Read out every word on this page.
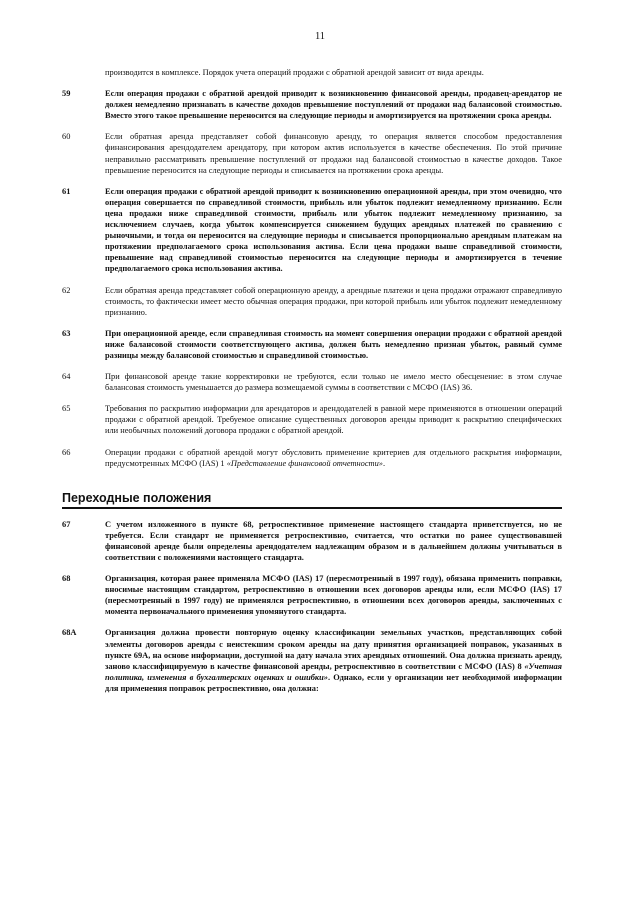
11
производится в комплексе. Порядок учета операций продажи с обратной арендой зависит от вида аренды.
59	Если операция продажи с обратной арендой приводит к возникновению финансовой аренды, продавец-арендатор не должен немедленно признавать в качестве доходов превышение поступлений от продажи над балансовой стоимостью. Вместо этого такое превышение переносится на следующие периоды и амортизируется на протяжении срока аренды.
60	Если обратная аренда представляет собой финансовую аренду, то операция является способом предоставления финансирования арендодателем арендатору, при котором актив используется в качестве обеспечения. По этой причине неправильно рассматривать превышение поступлений от продажи над балансовой стоимостью в качестве доходов. Такое превышение переносится на следующие периоды и списывается на протяжении срока аренды.
61	Если операция продажи с обратной арендой приводит к возникновению операционной аренды, при этом очевидно, что операция совершается по справедливой стоимости, прибыль или убыток подлежит немедленному признанию. Если цена продажи ниже справедливой стоимости, прибыль или убыток подлежит немедленному признанию, за исключением случаев, когда убыток компенсируется снижением будущих арендных платежей по сравнению с рыночными, и тогда он переносится на следующие периоды и списывается пропорционально арендным платежам на протяжении предполагаемого срока использования актива. Если цена продажи выше справедливой стоимости, превышение над справедливой стоимостью переносится на следующие периоды и амортизируется в течение предполагаемого срока использования актива.
62	Если обратная аренда представляет собой операционную аренду, а арендные платежи и цена продажи отражают справедливую стоимость, то фактически имеет место обычная операция продажи, при которой прибыль или убыток подлежит немедленному признанию.
63	При операционной аренде, если справедливая стоимость на момент совершения операции продажи с обратной арендой ниже балансовой стоимости соответствующего актива, должен быть немедленно признан убыток, равный сумме разницы между балансовой стоимостью и справедливой стоимостью.
64	При финансовой аренде такие корректировки не требуются, если только не имело место обесценение: в этом случае балансовая стоимость уменьшается до размера возмещаемой суммы в соответствии с МСФО (IAS) 36.
65	Требования по раскрытию информации для арендаторов и арендодателей в равной мере применяются в отношении операций продажи с обратной арендой. Требуемое описание существенных договоров аренды приводит к раскрытию специфических или необычных положений договора продажи с обратной арендой.
66	Операции продажи с обратной арендой могут обусловить применение критериев для отдельного раскрытия информации, предусмотренных МСФО (IAS) 1 «Представление финансовой отчетности».
Переходные положения
67	С учетом изложенного в пункте 68, ретроспективное применение настоящего стандарта приветствуется, но не требуется. Если стандарт не применяется ретроспективно, считается, что остатки по ранее существовавшей финансовой аренде были определены арендодателем надлежащим образом и в дальнейшем должны учитываться в соответствии с положениями настоящего стандарта.
68	Организация, которая ранее применяла МСФО (IAS) 17 (пересмотренный в 1997 году), обязана применить поправки, вносимые настоящим стандартом, ретроспективно в отношении всех договоров аренды или, если МСФО (IAS) 17 (пересмотренный в 1997 году) не применялся ретроспективно, в отношении всех договоров аренды, заключенных с момента первоначального применения упомянутого стандарта.
68A	Организация должна провести повторную оценку классификации земельных участков, представляющих собой элементы договоров аренды с неистекшим сроком аренды на дату принятия организацией поправок, указанных в пункте 69А, на основе информации, доступной на дату начала этих арендных отношений. Она должна признать аренду, заново классифицируемую в качестве финансовой аренды, ретроспективно в соответствии с МСФО (IAS) 8 «Учетная политика, изменения в бухгалтерских оценках и ошибки». Однако, если у организации нет необходимой информации для применения поправок ретроспективно, она должна:
